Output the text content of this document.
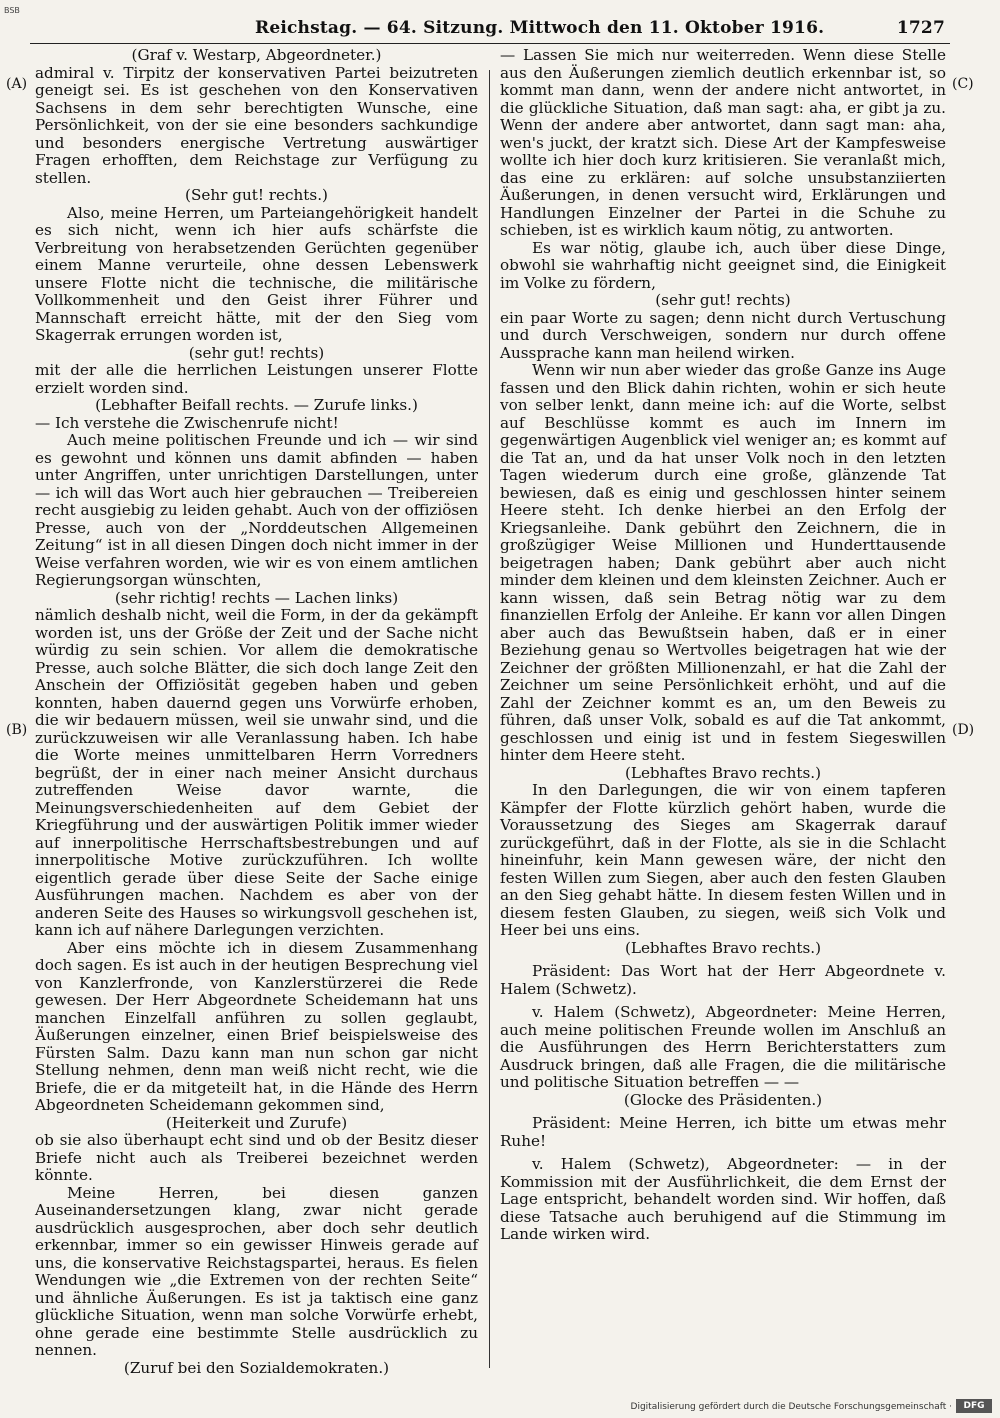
BSB
Reichstag. — 64. Sitzung. Mittwoch den 11. Oktober 1916.	1727

(Graf v. Westarp, Abgeordneter.)

admiral v. Tirpitz der konservativen Partei beizutreten geneigt sei. Es ist geschehen von den Konservativen Sachsens in dem sehr berechtigten Wunsche, eine Persönlichkeit, von der sie eine besonders sachkundige und besonders energische Vertretung auswärtiger Fragen erhofften, dem Reichstage zur Verfügung zu stellen.

(Sehr gut! rechts.)

Also, meine Herren, um Parteiangehörigkeit handelt es sich nicht, wenn ich hier aufs schärfste die Verbreitung von herabsetzenden Gerüchten gegenüber einem Manne verurteile, ohne dessen Lebenswerk unsere Flotte nicht die technische, die militärische Vollkommenheit und den Geist ihrer Führer und Mannschaft erreicht hätte, mit der den Sieg vom Skagerrak errungen worden ist,

(sehr gut! rechts)

mit der alle die herrlichen Leistungen unserer Flotte erzielt worden sind.

(Lebhafter Beifall rechts. — Zurufe links.)

— Ich verstehe die Zwischenrufe nicht!

Auch meine politischen Freunde und ich — wir sind es gewohnt und können uns damit abfinden — haben unter Angriffen, unter unrichtigen Darstellungen, unter — ich will das Wort auch hier gebrauchen — Treibereien recht ausgiebig zu leiden gehabt. Auch von der offiziösen Presse, auch von der „Norddeutschen Allgemeinen Zeitung“ ist in all diesen Dingen doch nicht immer in der Weise verfahren worden, wie wir es von einem amtlichen Regierungsorgan wünschten,

(sehr richtig! rechts — Lachen links)

nämlich deshalb nicht, weil die Form, in der da gekämpft worden ist, uns der Größe der Zeit und der Sache nicht würdig zu sein schien. Vor allem die demokratische Presse, auch solche Blätter, die sich doch lange Zeit den Anschein der Offiziösität gegeben haben und geben konnten, haben dauernd gegen uns Vorwürfe erhoben, die wir bedauern müssen, weil sie unwahr sind, und die zurückzuweisen wir alle Veranlassung haben. Ich habe die Worte meines unmittelbaren Herrn Vorredners begrüßt, der in einer nach meiner Ansicht durchaus zutreffenden Weise davor warnte, die Meinungsverschiedenheiten auf dem Gebiet der Kriegführung und der auswärtigen Politik immer wieder auf innerpolitische Herrschaftsbestrebungen und auf innerpolitische Motive zurückzuführen. Ich wollte eigentlich gerade über diese Seite der Sache einige Ausführungen machen. Nachdem es aber von der anderen Seite des Hauses so wirkungsvoll geschehen ist, kann ich auf nähere Darlegungen verzichten.

Aber eins möchte ich in diesem Zusammenhang doch sagen. Es ist auch in der heutigen Besprechung viel von Kanzlerfronde, von Kanzlerstürzerei die Rede gewesen. Der Herr Abgeordnete Scheidemann hat uns manchen Einzelfall anführen zu sollen geglaubt, Äußerungen einzelner, einen Brief beispielsweise des Fürsten Salm. Dazu kann man nun schon gar nicht Stellung nehmen, denn man weiß nicht recht, wie die Briefe, die er da mitgeteilt hat, in die Hände des Herrn Abgeordneten Scheidemann gekommen sind,

(Heiterkeit und Zurufe)

ob sie also überhaupt echt sind und ob der Besitz dieser Briefe nicht auch als Treiberei bezeichnet werden könnte.

Meine Herren, bei diesen ganzen Auseinandersetzungen klang, zwar nicht gerade ausdrücklich ausgesprochen, aber doch sehr deutlich erkennbar, immer so ein gewisser Hinweis gerade auf uns, die konservative Reichstagspartei, heraus. Es fielen Wendungen wie „die Extremen von der rechten Seite“ und ähnliche Äußerungen. Es ist ja taktisch eine ganz glückliche Situation, wenn man solche Vorwürfe erhebt, ohne gerade eine bestimmte Stelle ausdrücklich zu nennen.

(Zuruf bei den Sozialdemokraten.)

— Lassen Sie mich nur weiterreden. Wenn diese Stelle aus den Äußerungen ziemlich deutlich erkennbar ist, so kommt man dann, wenn der andere nicht antwortet, in die glückliche Situation, daß man sagt: aha, er gibt ja zu. Wenn der andere aber antwortet, dann sagt man: aha, wen's juckt, der kratzt sich. Diese Art der Kampfesweise wollte ich hier doch kurz kritisieren. Sie veranlaßt mich, das eine zu erklären: auf solche unsubstanziierten Äußerungen, in denen versucht wird, Erklärungen und Handlungen Einzelner der Partei in die Schuhe zu schieben, ist es wirklich kaum nötig, zu antworten.

Es war nötig, glaube ich, auch über diese Dinge, obwohl sie wahrhaftig nicht geeignet sind, die Einigkeit im Volke zu fördern,

(sehr gut! rechts)

ein paar Worte zu sagen; denn nicht durch Vertuschung und durch Verschweigen, sondern nur durch offene Aussprache kann man heilend wirken.

Wenn wir nun aber wieder das große Ganze ins Auge fassen und den Blick dahin richten, wohin er sich heute von selber lenkt, dann meine ich: auf die Worte, selbst auf Beschlüsse kommt es auch im Innern im gegenwärtigen Augenblick viel weniger an; es kommt auf die Tat an, und da hat unser Volk noch in den letzten Tagen wiederum durch eine große, glänzende Tat bewiesen, daß es einig und geschlossen hinter seinem Heere steht. Ich denke hierbei an den Erfolg der Kriegsanleihe. Dank gebührt den Zeichnern, die in großzügiger Weise Millionen und Hunderttausende beigetragen haben; Dank gebührt aber auch nicht minder dem kleinen und dem kleinsten Zeichner. Auch er kann wissen, daß sein Betrag nötig war zu dem finanziellen Erfolg der Anleihe. Er kann vor allen Dingen aber auch das Bewußtsein haben, daß er in einer Beziehung genau so Wertvolles beigetragen hat wie der Zeichner der größten Millionenzahl, er hat die Zahl der Zeichner um seine Persönlichkeit erhöht, und auf die Zahl der Zeichner kommt es an, um den Beweis zu führen, daß unser Volk, sobald es auf die Tat ankommt, geschlossen und einig ist und in festem Siegeswillen hinter dem Heere steht.

(Lebhaftes Bravo rechts.)

In den Darlegungen, die wir von einem tapferen Kämpfer der Flotte kürzlich gehört haben, wurde die Voraussetzung des Sieges am Skagerrak darauf zurückgeführt, daß in der Flotte, als sie in die Schlacht hineinfuhr, kein Mann gewesen wäre, der nicht den festen Willen zum Siegen, aber auch den festen Glauben an den Sieg gehabt hätte. In diesem festen Willen und in diesem festen Glauben, zu siegen, weiß sich Volk und Heer bei uns eins.

(Lebhaftes Bravo rechts.)

Präsident: Das Wort hat der Herr Abgeordnete v. Halem (Schwetz).

v. Halem (Schwetz), Abgeordneter: Meine Herren, auch meine politischen Freunde wollen im Anschluß an die Ausführungen des Herrn Berichterstatters zum Ausdruck bringen, daß alle Fragen, die die militärische und politische Situation betreffen — —

(Glocke des Präsidenten.)

Präsident: Meine Herren, ich bitte um etwas mehr Ruhe!

v. Halem (Schwetz), Abgeordneter: — in der Kommission mit der Ausführlichkeit, die dem Ernst der Lage entspricht, behandelt worden sind. Wir hoffen, daß diese Tatsache auch beruhigend auf die Stimmung im Lande wirken wird.

(A)
(B)
(C)
(D)
Digitalisierung gefördert durch die Deutsche Forschungsgemeinschaft ·	DFG
